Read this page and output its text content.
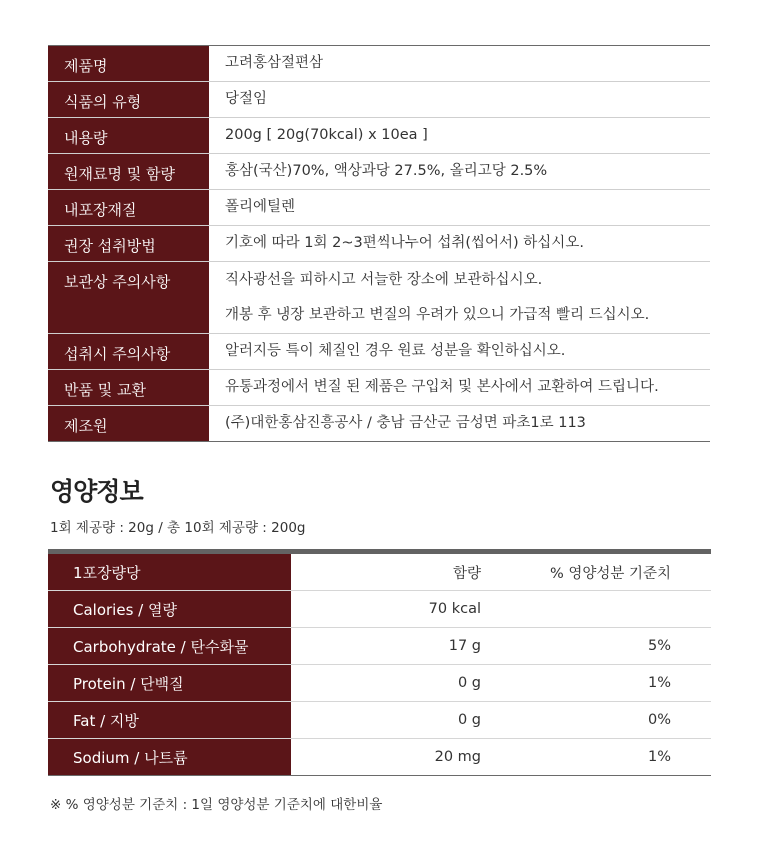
제품명	고려홍삼절편삼
식품의 유형	당절임
내용량	200g [ 20g(70kcal) x 10ea ]
원재료명 및 함량	홍삼(국산)70%, 액상과당 27.5%, 올리고당 2.5%
내포장재질	폴리에틸렌
권장 섭취방법	기호에 따라 1회 2~3편씩나누어 섭취(씹어서) 하십시오.
보관상 주의사항	직사광선을 피하시고 서늘한 장소에 보관하십시오.
개봉 후 냉장 보관하고 변질의 우려가 있으니 가급적 빨리 드십시오.
섭취시 주의사항	알러지등 특이 체질인 경우 원료 성분을 확인하십시오.
반품 및 교환	유통과정에서 변질 된 제품은 구입처 및 본사에서 교환하여 드립니다.
제조원	(주)대한홍삼진흥공사 / 충남 금산군 금성면 파초1로 113
영양정보
1회 제공량 : 20g / 총 10회 제공량 : 200g
1포장량당	함량	% 영양성분 기준치
Calories / 열량	70 kcal
Carbohydrate / 탄수화물	17 g	5%
Protein / 단백질	0 g	1%
Fat / 지방	0 g	0%
Sodium / 나트륨	20 mg	1%
※ % 영양성분 기준치 : 1일 영양성분 기준치에 대한비율
